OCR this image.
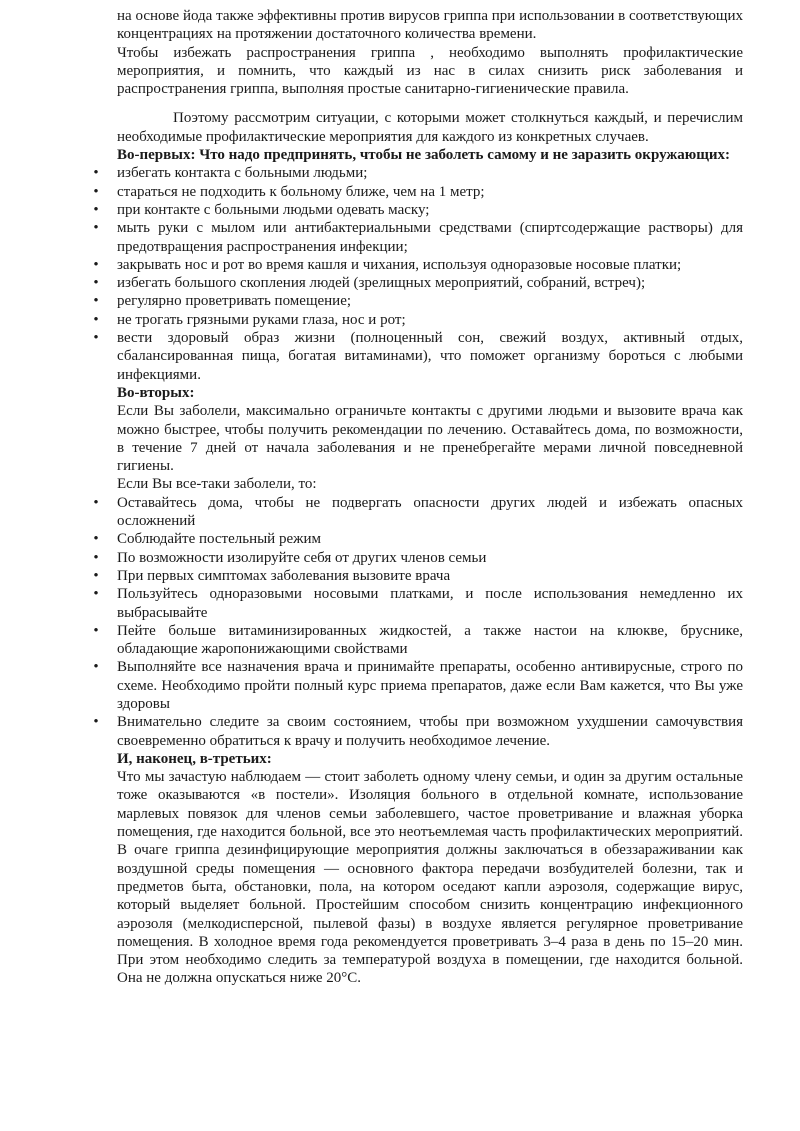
на основе йода также эффективны против вирусов гриппа при использовании в соответствующих концентрациях на протяжении достаточного количества времени.

Чтобы избежать распространения гриппа , необходимо выполнять профилактические мероприятия, и помнить, что каждый из нас в силах снизить риск заболевания и распространения гриппа, выполняя простые санитарно-гигиенические правила.

Поэтому рассмотрим ситуации, с которыми может столкнуться каждый, и перечислим необходимые профилактические мероприятия для каждого из конкретных случаев.

Во-первых: Что надо предпринять, чтобы не заболеть самому и не заразить окружающих:

• избегать контакта с больными людьми;
• стараться не подходить к больному ближе, чем на 1 метр;
• при контакте с больными людьми одевать маску;
• мыть руки с мылом или антибактериальными средствами (спиртсодержащие растворы) для предотвращения распространения инфекции;
• закрывать нос и рот во время кашля и чихания, используя одноразовые носовые платки;
• избегать большого скопления людей (зрелищных мероприятий, собраний, встреч);
• регулярно проветривать помещение;
• не трогать грязными руками глаза, нос и рот;
• вести здоровый образ жизни (полноценный сон, свежий воздух, активный отдых, сбалансированная пища, богатая витаминами), что поможет организму бороться с любыми инфекциями.

Во-вторых:

Если Вы заболели, максимально ограничьте контакты с другими людьми и вызовите врача как можно быстрее, чтобы получить рекомендации по лечению. Оставайтесь дома, по возможности, в течение 7 дней от начала заболевания и не пренебрегайте мерами личной повседневной гигиены.

Если Вы все-таки заболели, то:

• Оставайтесь дома, чтобы не подвергать опасности других людей и избежать опасных осложнений
• Соблюдайте постельный режим
• По возможности изолируйте себя от других членов семьи
• При первых симптомах заболевания вызовите врача
• Пользуйтесь одноразовыми носовыми платками, и после использования немедленно их выбрасывайте
• Пейте больше витаминизированных жидкостей, а также настои на клюкве, бруснике, обладающие жаропонижающими свойствами
• Выполняйте все назначения врача и принимайте препараты, особенно антивирусные, строго по схеме. Необходимо пройти полный курс приема препаратов, даже если Вам кажется, что Вы уже здоровы
• Внимательно следите за своим состоянием, чтобы при возможном ухудшении самочувствия своевременно обратиться к врачу и получить необходимое лечение.

И, наконец, в-третьих:

Что мы зачастую наблюдаем — стоит заболеть одному члену семьи, и один за другим остальные тоже оказываются «в постели». Изоляция больного в отдельной комнате, использование марлевых повязок для членов семьи заболевшего, частое проветривание и влажная уборка помещения, где находится больной, все это неотъемлемая часть профилактических мероприятий. В очаге гриппа дезинфицирующие мероприятия должны заключаться в обеззараживании как воздушной среды помещения — основного фактора передачи возбудителей болезни, так и предметов быта, обстановки, пола, на котором оседают капли аэрозоля, содержащие вирус, который выделяет больной. Простейшим способом снизить концентрацию инфекционного аэрозоля (мелкодисперсной, пылевой фазы) в воздухе является регулярное проветривание помещения. В холодное время года рекомендуется проветривать 3–4 раза в день по 15–20 мин. При этом необходимо следить за температурой воздуха в помещении, где находится больной. Она не должна опускаться ниже 20°С.
